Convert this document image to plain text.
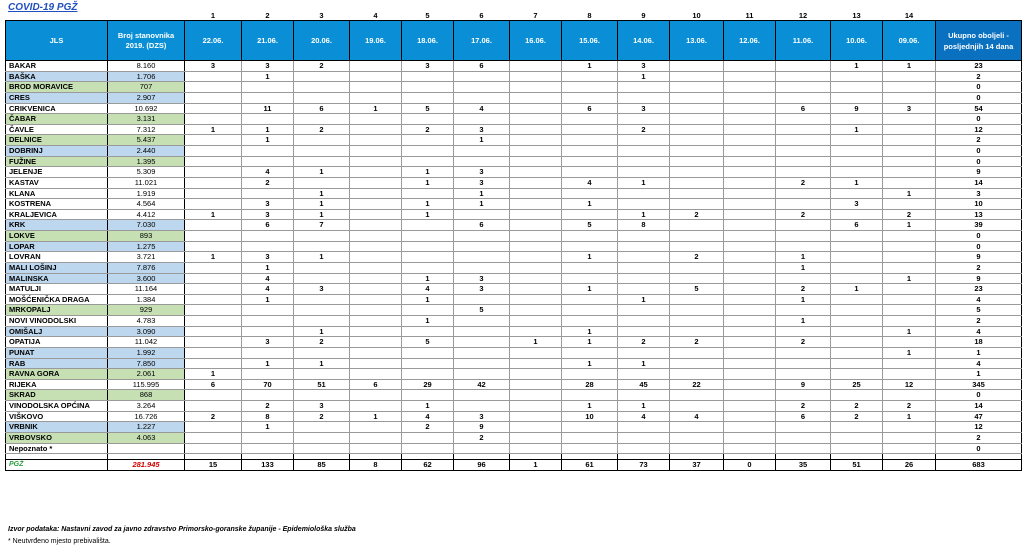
COVID-19 PGŽ
		1	2	3	4	5	6	7	8	9	10	11	12	13	14	
JLS	Broj stanovnika 2019. (DZS)	22.06.	21.06.	20.06.	19.06.	18.06.	17.06.	16.06.	15.06.	14.06.	13.06.	12.06.	11.06.	10.06.	09.06.	Ukupno oboljeli - posljednjih 14 dana
BAKAR	8.160	3	3	2		3	6		1	3				1	1	23
BAŠKA	1.706		1							1						2
BROD MORAVICE	707															0
CRES	2.907															0
CRIKVENICA	10.692		11	6	1	5	4		6	3			6	9	3	54
ČABAR	3.131															0
ČAVLE	7.312	1	1	2		2	3			2				1		12
DELNICE	5.437		1				1									2
DOBRINJ	2.440															0
FUŽINE	1.395															0
JELENJE	5.309		4	1		1	3									9
KASTAV	11.021		2			1	3		4	1			2	1		14
KLANA	1.919			1			1								1	3
KOSTRENA	4.564		3	1		1	1		1					3		10
KRALJEVICA	4.412	1	3	1		1				1	2		2		2	13
KRK	7.030		6	7			6		5	8				6	1	39
LOKVE	893															0
LOPAR	1.275															0
LOVRAN	3.721	1	3	1					1		2		1			9
MALI LOŠINJ	7.876		1										1			2
MALINSKA	3.600		4			1	3								1	9
MATULJI	11.164		4	3		4	3		1		5		2	1		23
MOŠĆENIČKA DRAGA	1.384		1			1				1			1			4
MRKOPALJ	929						5									5
NOVI VINODOLSKI	4.783					1							1			2
OMIŠALJ	3.090			1					1						1	4
OPATIJA	11.042		3	2		5		1	1	2	2		2			18
PUNAT	1.992														1	1
RAB	7.850		1	1					1	1						4
RAVNA GORA	2.061	1														1
RIJEKA	115.995	6	70	51	6	29	42		28	45	22		9	25	12	345
SKRAD	868															0
VINODOLSKA OPĆINA	3.264		2	3		1			1	1			2	2	2	14
VIŠKOVO	16.726	2	8	2	1	4	3		10	4	4		6	2	1	47
VRBNIK	1.227		1			2	9									12
VRBOVSKO	4.063						2									2
Nepoznato *																0

PGŽ	281.945	15	133	85	8	62	96	1	61	73	37	0	35	51	26	683
Izvor podataka: Nastavni zavod za javno zdravstvo Primorsko-goranske županije - Epidemiološka služba
* Neutvrđeno mjesto prebivališta.
